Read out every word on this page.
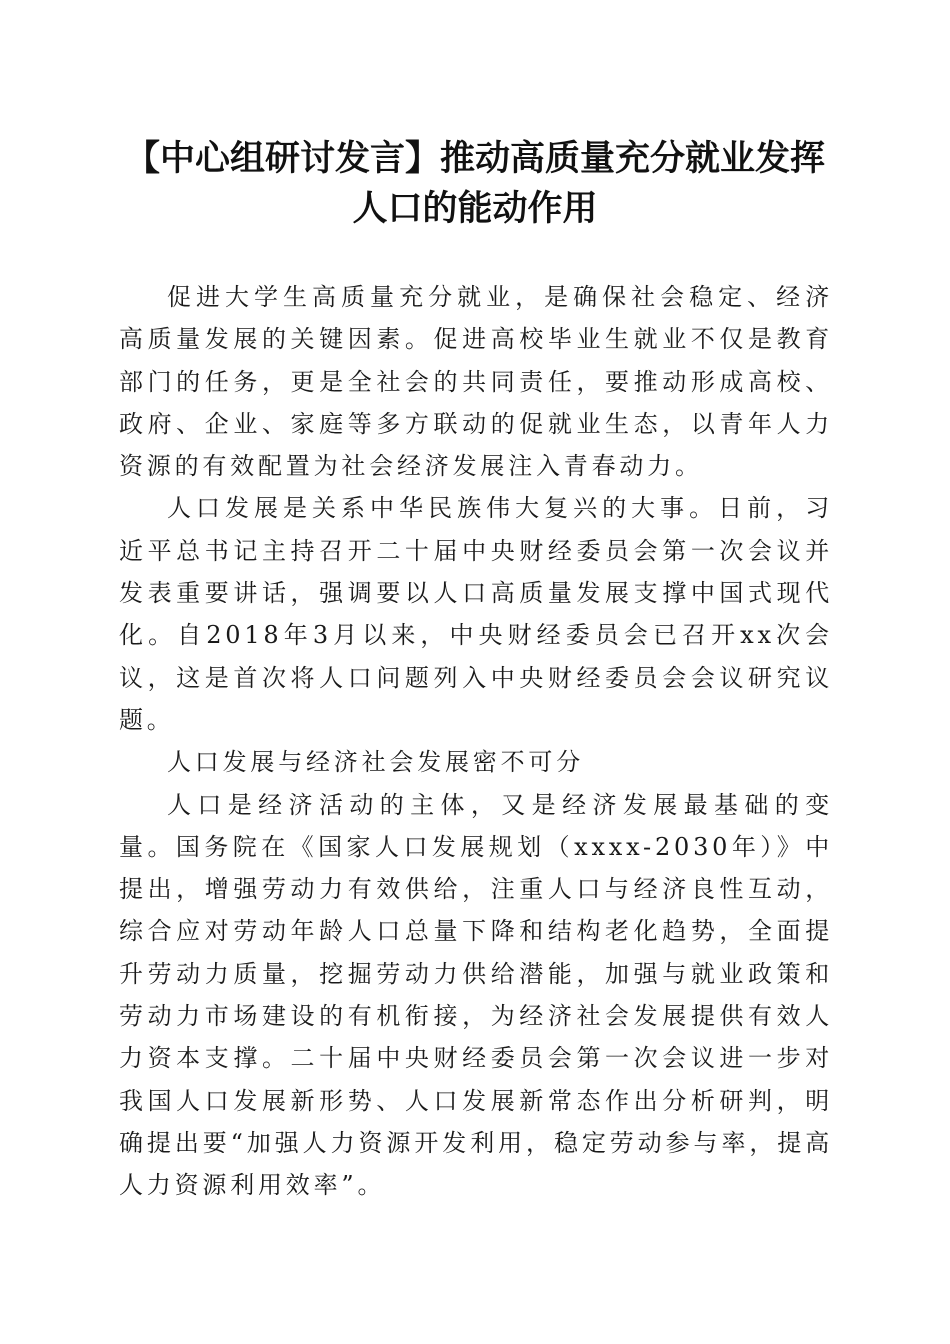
【中心组研讨发言】推动高质量充分就业发挥
人口的能动作用

促进大学生高质量充分就业，是确保社会稳定、经济高质量发展的关键因素。促进高校毕业生就业不仅是教育部门的任务，更是全社会的共同责任，要推动形成高校、政府、企业、家庭等多方联动的促就业生态，以青年人力资源的有效配置为社会经济发展注入青春动力。

人口发展是关系中华民族伟大复兴的大事。日前，习近平总书记主持召开二十届中央财经委员会第一次会议并发表重要讲话，强调要以人口高质量发展支撑中国式现代化。自2018年3月以来，中央财经委员会已召开xx次会议，这是首次将人口问题列入中央财经委员会会议研究议题。

人口发展与经济社会发展密不可分

人口是经济活动的主体，又是经济发展最基础的变量。国务院在《国家人口发展规划（xxxx-2030年）》中提出，增强劳动力有效供给，注重人口与经济良性互动，综合应对劳动年龄人口总量下降和结构老化趋势，全面提升劳动力质量，挖掘劳动力供给潜能，加强与就业政策和劳动力市场建设的有机衔接，为经济社会发展提供有效人力资本支撑。二十届中央财经委员会第一次会议进一步对我国人口发展新形势、人口发展新常态作出分析研判，明确提出要“加强人力资源开发利用，稳定劳动参与率，提高人力资源利用效率”。
